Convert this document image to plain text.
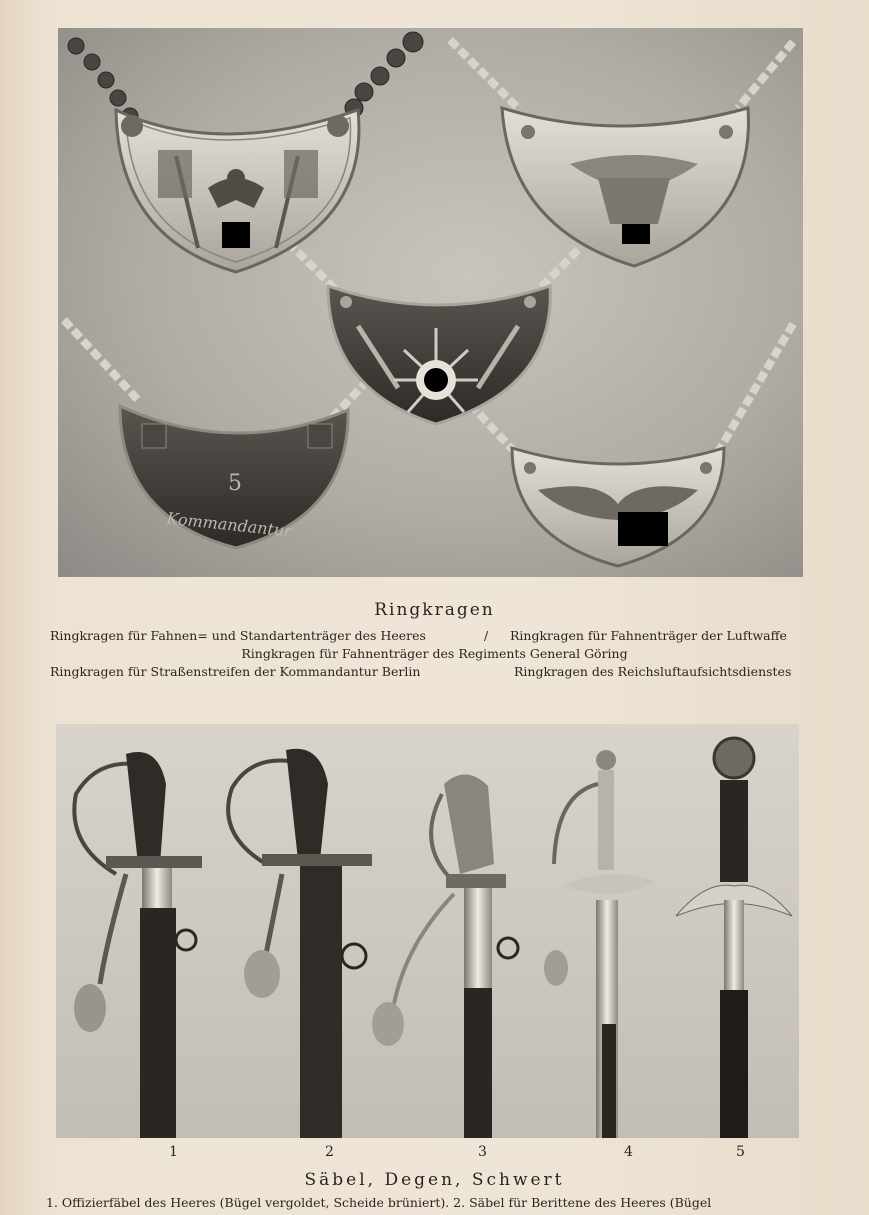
5
Kommandantur
Ringkragen
Ringkragen für Fahnen= und Standartenträger des Heeres	/ Ringkragen für Fahnenträger der Luftwaffe
Ringkragen für Fahnenträger des Regiments General Göring
Ringkragen für Straßenstreifen der Kommandantur Berlin	Ringkragen des Reichsluftaufsichtsdienstes
1	2	3	4	5
Säbel, Degen, Schwert
1. Offizierfäbel des Heeres (Bügel vergoldet, Scheide brüniert). 2. Säbel für Berittene des Heeres (Bügel
